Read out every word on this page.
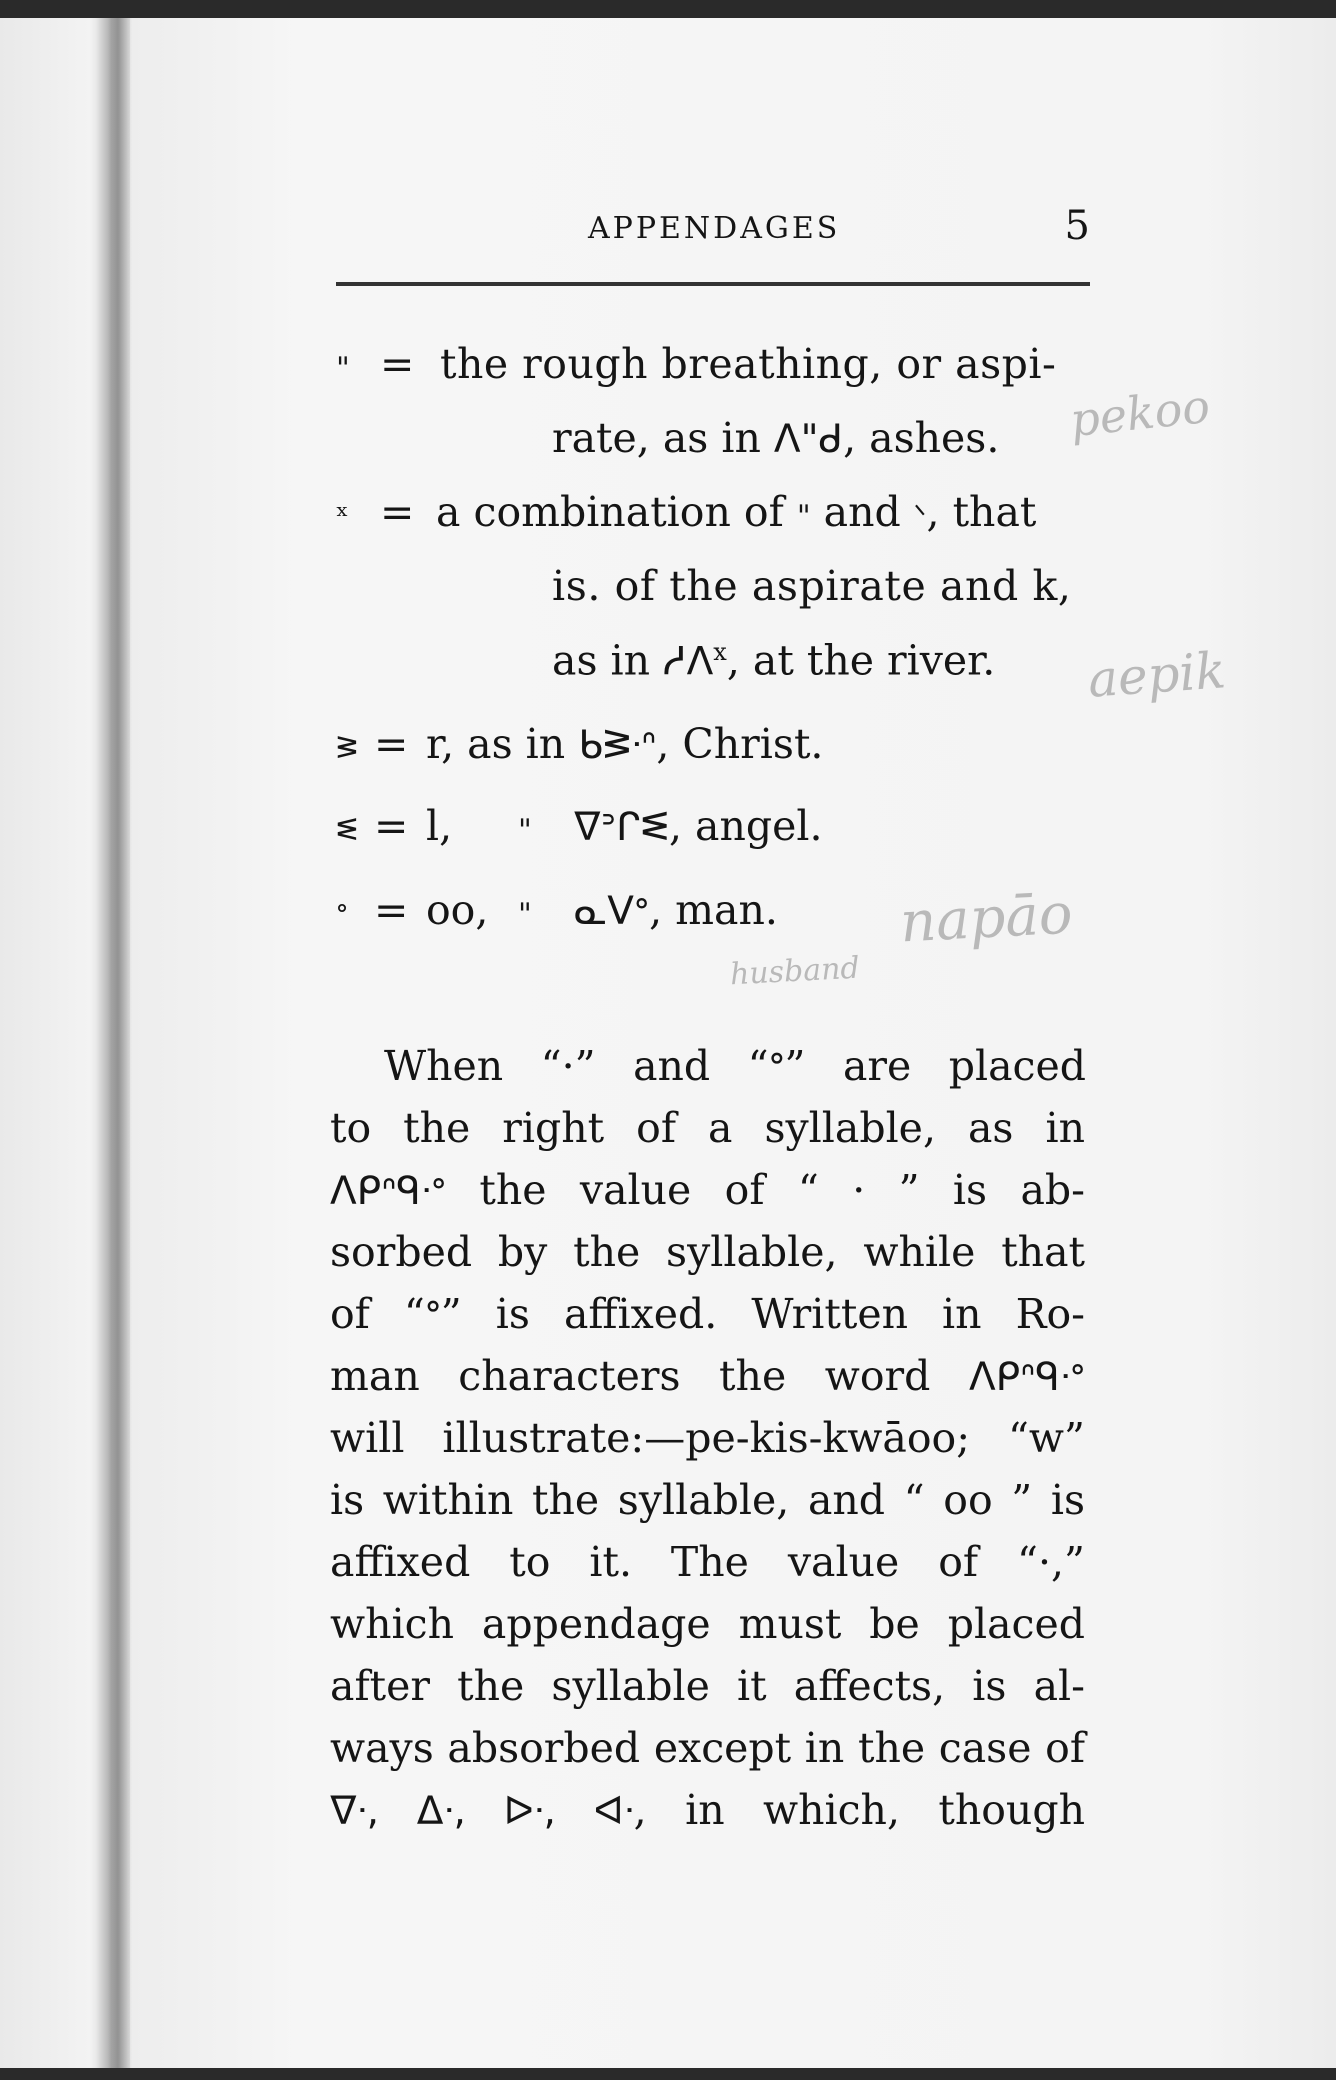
APPENDAGES	5
" = the rough breathing, or aspi-
rate, as in ᐱ"ᑯ, ashes.
ˣ = a combination of " and ᐠ, that
is. of the aspirate and k,
as in ᓱᐱ$^x$, at the river.
ᕒ = r, as in ᑲᕒᐧᐢ, Christ.
ᓬ = l," ᐁᐣᒋᓬ, angel.
ᐤ = oo," ᓇᐯᐤ, man.
pekoo
aepik
napāo
husband
When “·” and “ᐤ” are placed
to the right of a syllable, as in
ᐱᑭᐢᑫᐧᐤ the value of “ · ” is ab-
sorbed by the syllable, while that
of “ᐤ” is affixed. Written in Ro-
man characters the word ᐱᑭᐢᑫᐧᐤ
will illustrate:—pe-kis-kwāoo; “w”
is within the syllable, and “ oo ” is
affixed to it. The value of “·,”
which appendage must be placed
after the syllable it affects, is al-
ways absorbed except in the case of
ᐁᐧ, ᐃᐧ, ᐅᐧ, ᐊᐧ, in which, though
